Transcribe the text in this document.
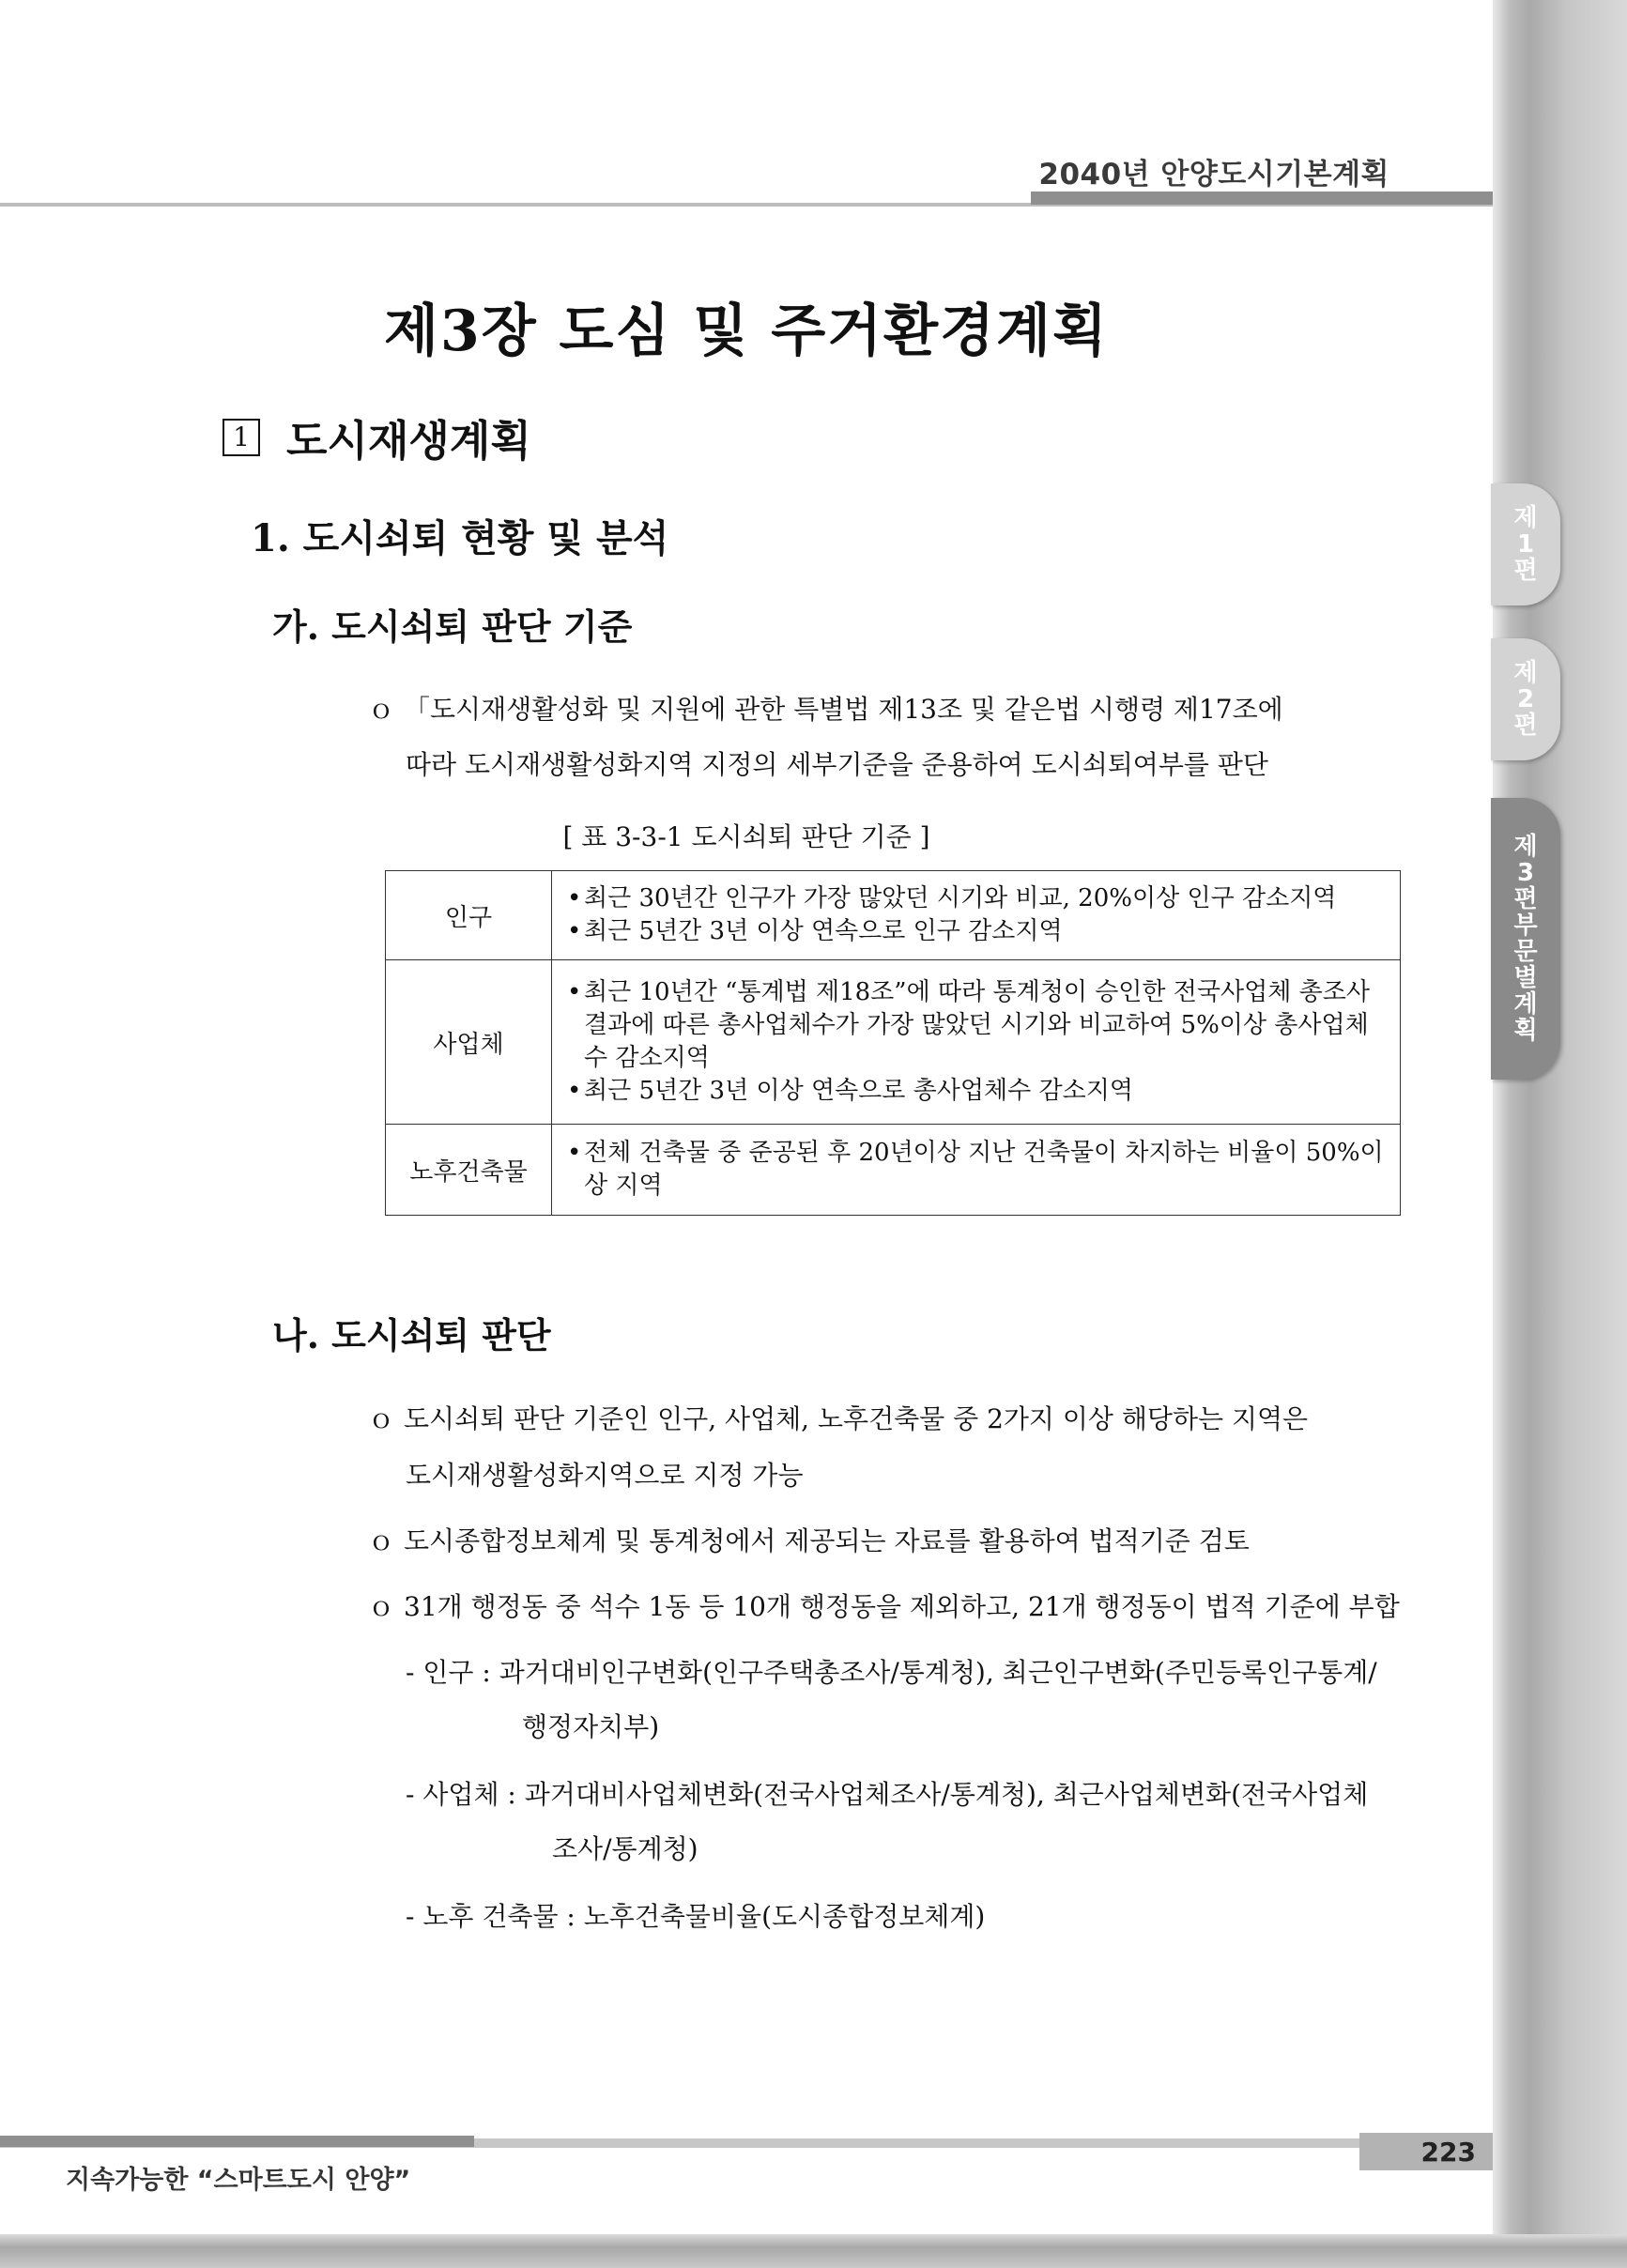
2040년 안양도시기본계획
제3장 도심 및 주거환경계획
1 도시재생계획
1. 도시쇠퇴 현황 및 분석
가. 도시쇠퇴 판단 기준
ｏ 「도시재생활성화 및 지원에 관한 특별법 제13조 및 같은법 시행령 제17조에
따라 도시재생활성화지역 지정의 세부기준을 준용하여 도시쇠퇴여부를 판단
[ 표 3-3-1 도시쇠퇴 판단 기준 ]
인구	• 최근 30년간 인구가 가장 많았던 시기와 비교, 20%이상 인구 감소지역
• 최근 5년간 3년 이상 연속으로 인구 감소지역

사업체	• 최근 10년간 “통계법 제18조”에 따라 통계청이 승인한 전국사업체 총조사 결과에 따른 총사업체수가 가장 많았던 시기와 비교하여 5%이상 총사업체수 감소지역
• 최근 5년간 3년 이상 연속으로 총사업체수 감소지역

노후건축물	• 전체 건축물 중 준공된 후 20년이상 지난 건축물이 차지하는 비율이 50%이상 지역
나. 도시쇠퇴 판단
ｏ 도시쇠퇴 판단 기준인 인구, 사업체, 노후건축물 중 2가지 이상 해당하는 지역은
도시재생활성화지역으로 지정 가능
ｏ 도시종합정보체계 및 통계청에서 제공되는 자료를 활용하여 법적기준 검토
ｏ 31개 행정동 중 석수 1동 등 10개 행정동을 제외하고, 21개 행정동이 법적 기준에 부합
- 인구 : 과거대비인구변화(인구주택총조사/통계청), 최근인구변화(주민등록인구통계/
행정자치부)
- 사업체 : 과거대비사업체변화(전국사업체조사/통계청), 최근사업체변화(전국사업체
조사/통계청)
- 노후 건축물 : 노후건축물비율(도시종합정보체계)
223
지속가능한 “스마트도시 안양”
제
1
편
제
2
편
제
3
편
부
문
별
계
획
